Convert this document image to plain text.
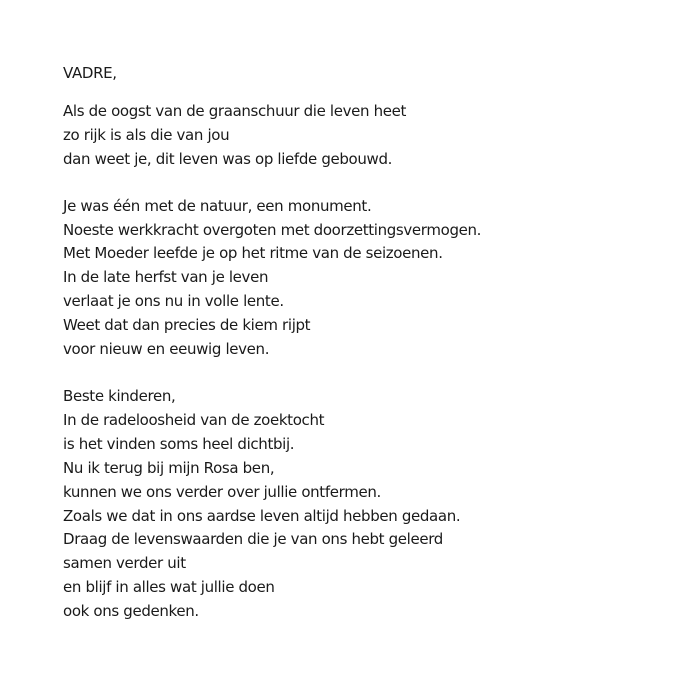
VADRE,
Als de oogst van de graanschuur die leven heet
zo rijk is als die van jou
dan weet je, dit leven was op liefde gebouwd.
Je was één met de natuur, een monument.
Noeste werkkracht overgoten met doorzettingsvermogen.
Met Moeder leefde je op het ritme van de seizoenen.
In de late herfst van je leven
verlaat je ons nu in volle lente.
Weet dat dan precies de kiem rijpt
voor nieuw en eeuwig leven.
Beste kinderen,
In de radeloosheid van de zoektocht
is het vinden soms heel dichtbij.
Nu ik terug bij mijn Rosa ben,
kunnen we ons verder over jullie ontfermen.
Zoals we dat in ons aardse leven altijd hebben gedaan.
Draag de levenswaarden die je van ons hebt geleerd
samen verder uit
en blijf in alles wat jullie doen
ook ons gedenken.
